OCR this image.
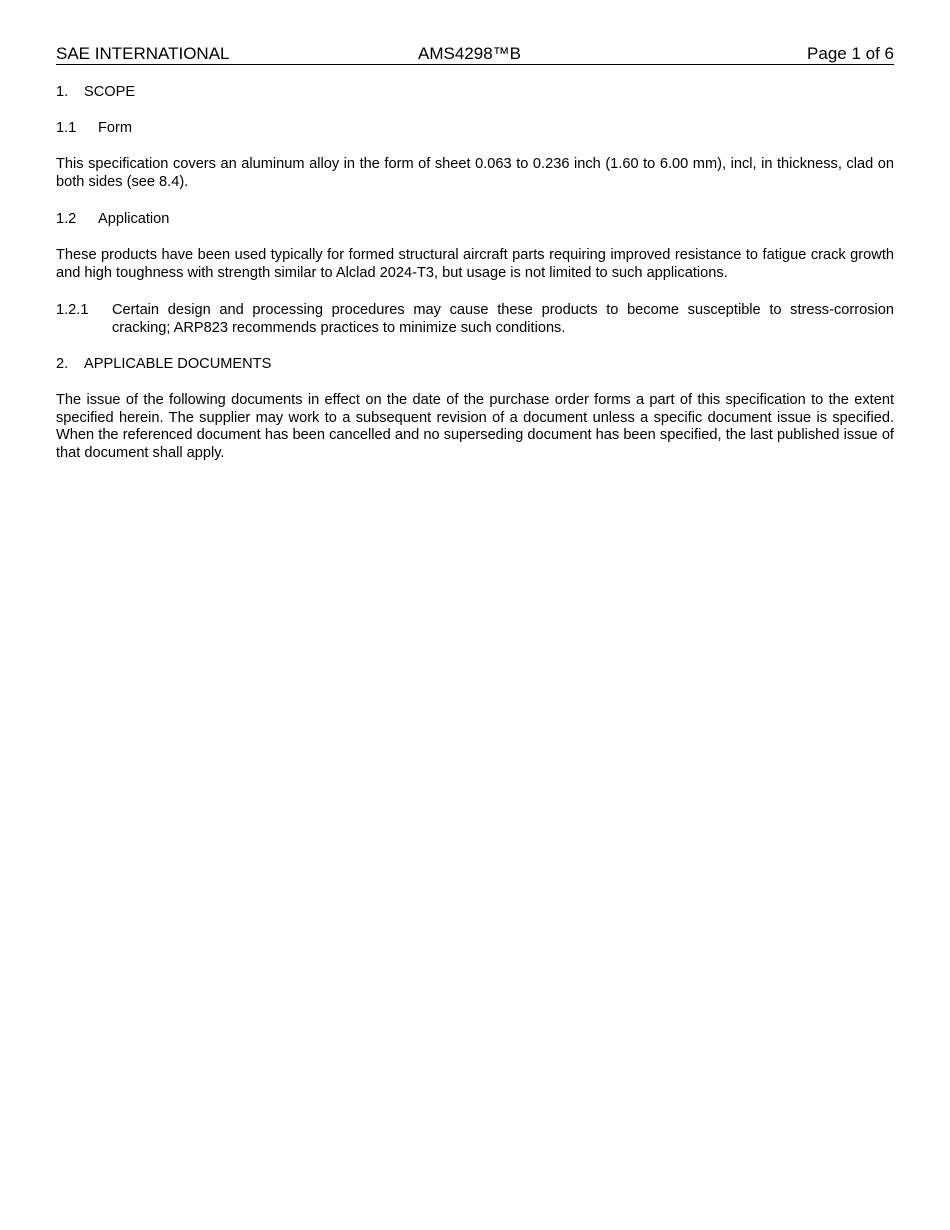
SAE INTERNATIONAL	AMS4298™B	Page 1 of 6
1. SCOPE
1.1 Form
This specification covers an aluminum alloy in the form of sheet 0.063 to 0.236 inch (1.60 to 6.00 mm), incl, in thickness, clad on both sides (see 8.4).
1.2 Application
These products have been used typically for formed structural aircraft parts requiring improved resistance to fatigue crack growth and high toughness with strength similar to Alclad 2024-T3, but usage is not limited to such applications.
1.2.1	Certain design and processing procedures may cause these products to become susceptible to stress-corrosion cracking; ARP823 recommends practices to minimize such conditions.
2. APPLICABLE DOCUMENTS
The issue of the following documents in effect on the date of the purchase order forms a part of this specification to the extent specified herein. The supplier may work to a subsequent revision of a document unless a specific document issue is specified. When the referenced document has been cancelled and no superseding document has been specified, the last published issue of that document shall apply.
